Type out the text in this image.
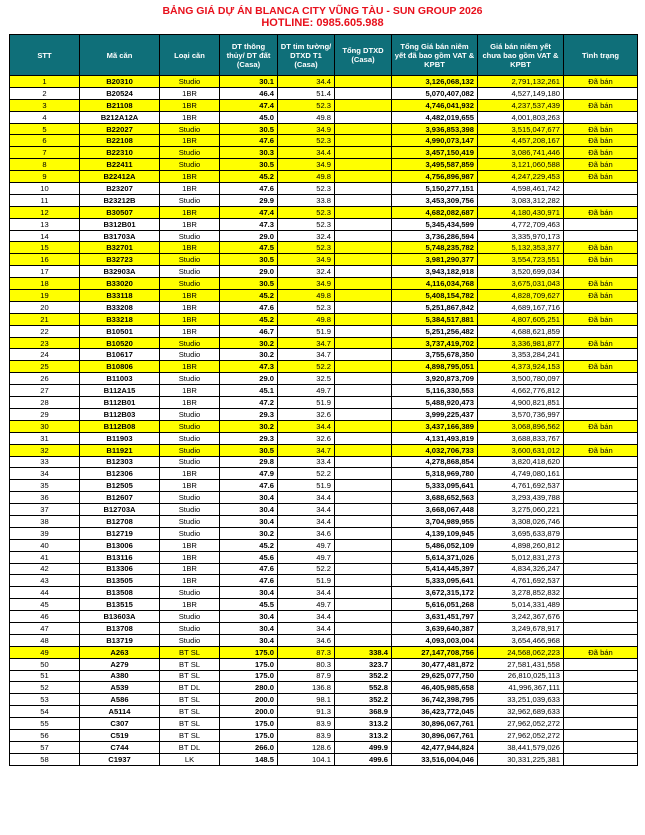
BẢNG GIÁ DỰ ÁN BLANCA CITY VŨNG TÀU - SUN GROUP 2026
HOTLINE: 0985.605.988
STT	Mã căn	Loại căn	DT thông thủy/ DT đất (Casa)	DT tim tường/ DTXD T1 (Casa)	Tổng DTXD (Casa)	Tổng Giá bán niêm yết đã bao gồm VAT & KPBT	Giá bán niêm yết chưa bao gồm VAT & KPBT	Tình trạng
1	B20310	Studio	30.1	34.4		3,126,068,132	2,791,132,261	Đã bán
2	B20524	1BR	46.4	51.4		5,070,407,082	4,527,149,180	
3	B21108	1BR	47.4	52.3		4,746,041,932	4,237,537,439	Đã bán
4	B212A12A	1BR	45.0	49.8		4,482,019,655	4,001,803,263	
5	B22027	Studio	30.5	34.9		3,936,853,398	3,515,047,677	Đã bán
6	B22108	1BR	47.6	52.3		4,990,073,147	4,457,208,167	Đã bán
7	B22310	Studio	30.3	34.4		3,457,150,419	3,086,741,446	Đã bán
8	B22411	Studio	30.5	34.9		3,495,587,859	3,121,060,588	Đã bán
9	B22412A	1BR	45.2	49.8		4,756,896,987	4,247,229,453	Đã bán
10	B23207	1BR	47.6	52.3		5,150,277,151	4,598,461,742	
11	B23212B	Studio	29.9	33.8		3,453,309,756	3,083,312,282	
12	B30507	1BR	47.4	52.3		4,682,082,687	4,180,430,971	Đã bán
13	B312B01	1BR	47.3	52.3		5,345,434,599	4,772,709,463	
14	B31703A	Studio	29.0	32.4		3,736,286,594	3,335,970,173	
15	B32701	1BR	47.5	52.3		5,748,235,782	5,132,353,377	Đã bán
16	B32723	Studio	30.5	34.9		3,981,290,377	3,554,723,551	Đã bán
17	B32903A	Studio	29.0	32.4		3,943,182,918	3,520,699,034	
18	B33020	Studio	30.5	34.9		4,116,034,768	3,675,031,043	Đã bán
19	B33118	1BR	45.2	49.8		5,408,154,782	4,828,709,627	Đã bán
20	B33208	1BR	47.6	52.3		5,251,867,842	4,689,167,716	
21	B33218	1BR	45.2	49.8		5,384,517,881	4,807,605,251	Đã bán
22	B10501	1BR	46.7	51.9		5,251,256,482	4,688,621,859	
23	B10520	Studio	30.2	34.7		3,737,419,702	3,336,981,877	Đã bán
24	B10617	Studio	30.2	34.7		3,755,678,350	3,353,284,241	
25	B10806	1BR	47.3	52.2		4,898,795,051	4,373,924,153	Đã bán
26	B11003	Studio	29.0	32.5		3,920,873,709	3,500,780,097	
27	B112A15	1BR	45.1	49.7		5,116,330,553	4,662,776,812	
28	B112B01	1BR	47.2	51.9		5,488,920,473	4,900,821,851	
29	B112B03	Studio	29.3	32.6		3,999,225,437	3,570,736,997	
30	B112B08	Studio	30.2	34.4		3,437,166,389	3,068,896,562	Đã bán
31	B11903	Studio	29.3	32.6		4,131,493,819	3,688,833,767	
32	B11921	Studio	30.5	34.7		4,032,706,733	3,600,631,012	Đã bán
33	B12303	Studio	29.8	33.4		4,278,868,854	3,820,418,620	
34	B12306	1BR	47.9	52.2		5,318,969,780	4,749,080,161	
35	B12505	1BR	47.6	51.9		5,333,095,641	4,761,692,537	
36	B12607	Studio	30.4	34.4		3,688,652,563	3,293,439,788	
37	B12703A	Studio	30.4	34.4		3,668,067,448	3,275,060,221	
38	B12708	Studio	30.4	34.4		3,704,989,955	3,308,026,746	
39	B12719	Studio	30.2	34.6		4,139,109,945	3,695,633,879	
40	B13006	1BR	45.2	49.7		5,486,052,109	4,898,260,812	
41	B13116	1BR	45.6	49.7		5,614,371,026	5,012,831,273	
42	B13306	1BR	47.6	52.2		5,414,445,397	4,834,326,247	
43	B13505	1BR	47.6	51.9		5,333,095,641	4,761,692,537	
44	B13508	Studio	30.4	34.4		3,672,315,172	3,278,852,832	
45	B13515	1BR	45.5	49.7		5,616,051,268	5,014,331,489	
46	B13603A	Studio	30.4	34.4		3,631,451,797	3,242,367,676	
47	B13708	Studio	30.4	34.4		3,639,640,387	3,249,678,917	
48	B13719	Studio	30.4	34.6		4,093,003,004	3,654,466,968	
49	A263	BT SL	175.0	87.3	338.4	27,147,708,756	24,568,062,223	Đã bán
50	A279	BT SL	175.0	80.3	323.7	30,477,481,872	27,581,431,558	
51	A380	BT SL	175.0	87.9	352.2	29,625,077,750	26,810,025,113	
52	A539	BT DL	280.0	136.8	552.8	46,405,985,658	41,996,367,111	
53	A586	BT SL	200.0	98.1	352.2	36,742,398,795	33,251,039,633	
54	A5114	BT SL	200.0	91.3	368.9	36,423,772,045	32,962,689,633	
55	C307	BT SL	175.0	83.9	313.2	30,896,067,761	27,962,052,272	
56	C519	BT SL	175.0	83.9	313.2	30,896,067,761	27,962,052,272	
57	C744	BT DL	266.0	128.6	499.9	42,477,944,824	38,441,579,026	
58	C1937	LK	148.5	104.1	499.6	33,516,004,046	30,331,225,381	
